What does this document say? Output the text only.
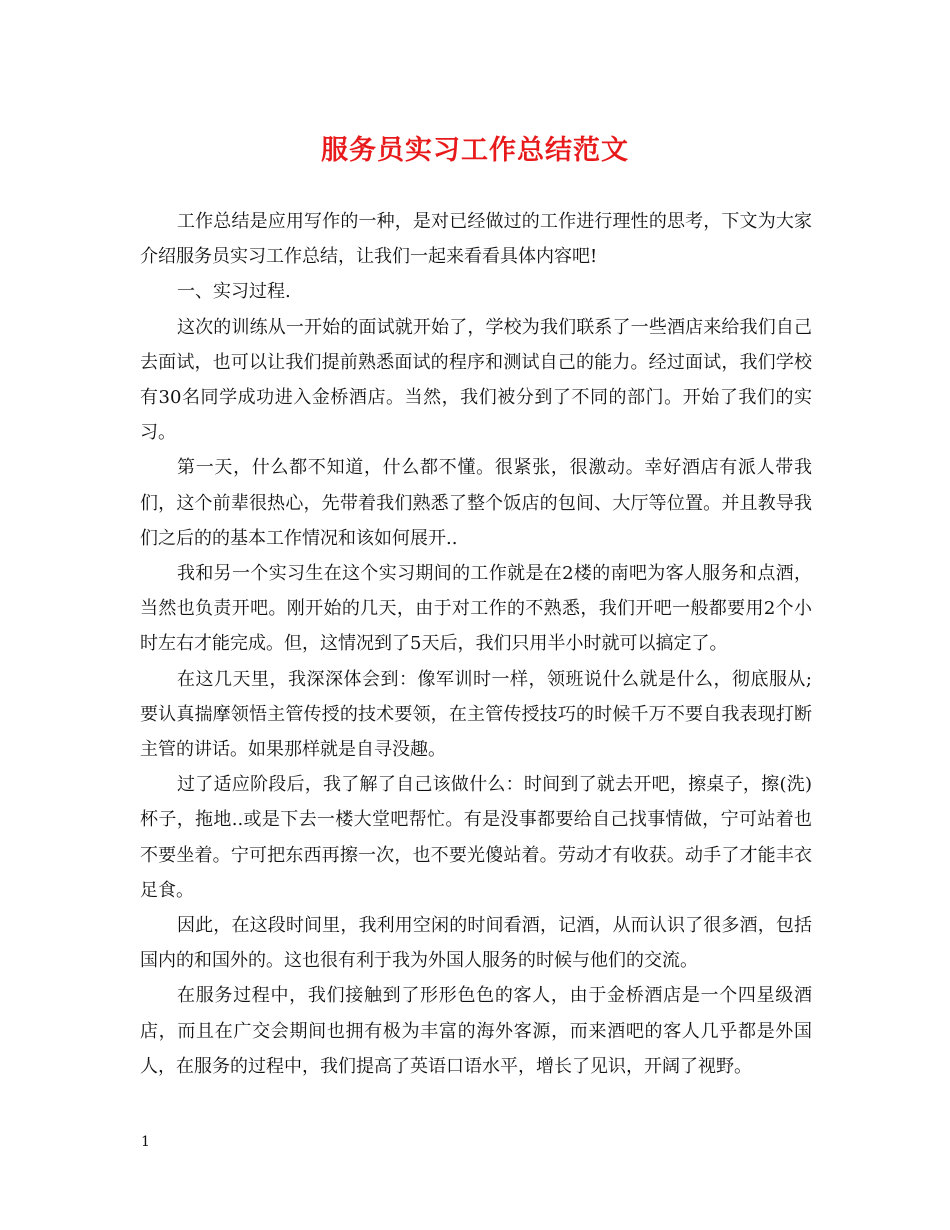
服务员实习工作总结范文

工作总结是应用写作的一种，是对已经做过的工作进行理性的思考，下文为大家介绍服务员实习工作总结，让我们一起来看看具体内容吧!

一、实习过程.

这次的训练从一开始的面试就开始了，学校为我们联系了一些酒店来给我们自己去面试，也可以让我们提前熟悉面试的程序和测试自己的能力。经过面试，我们学校有30名同学成功进入金桥酒店。当然，我们被分到了不同的部门。开始了我们的实习。

第一天，什么都不知道，什么都不懂。很紧张，很激动。幸好酒店有派人带我们，这个前辈很热心，先带着我们熟悉了整个饭店的包间、大厅等位置。并且教导我们之后的的基本工作情况和该如何展开..

我和另一个实习生在这个实习期间的工作就是在2楼的南吧为客人服务和点酒，当然也负责开吧。刚开始的几天，由于对工作的不熟悉，我们开吧一般都要用2个小时左右才能完成。但，这情况到了5天后，我们只用半小时就可以搞定了。

在这几天里，我深深体会到：像军训时一样，领班说什么就是什么，彻底服从;要认真揣摩领悟主管传授的技术要领，在主管传授技巧的时候千万不要自我表现打断主管的讲话。如果那样就是自寻没趣。

过了适应阶段后，我了解了自己该做什么：时间到了就去开吧，擦桌子，擦(洗)杯子，拖地..或是下去一楼大堂吧帮忙。有是没事都要给自己找事情做，宁可站着也不要坐着。宁可把东西再擦一次，也不要光傻站着。劳动才有收获。动手了才能丰衣足食。

因此，在这段时间里，我利用空闲的时间看酒，记酒，从而认识了很多酒，包括国内的和国外的。这也很有利于我为外国人服务的时候与他们的交流。

在服务过程中，我们接触到了形形色色的客人，由于金桥酒店是一个四星级酒店，而且在广交会期间也拥有极为丰富的海外客源，而来酒吧的客人几乎都是外国人，在服务的过程中，我们提高了英语口语水平，增长了见识，开阔了视野。

1
